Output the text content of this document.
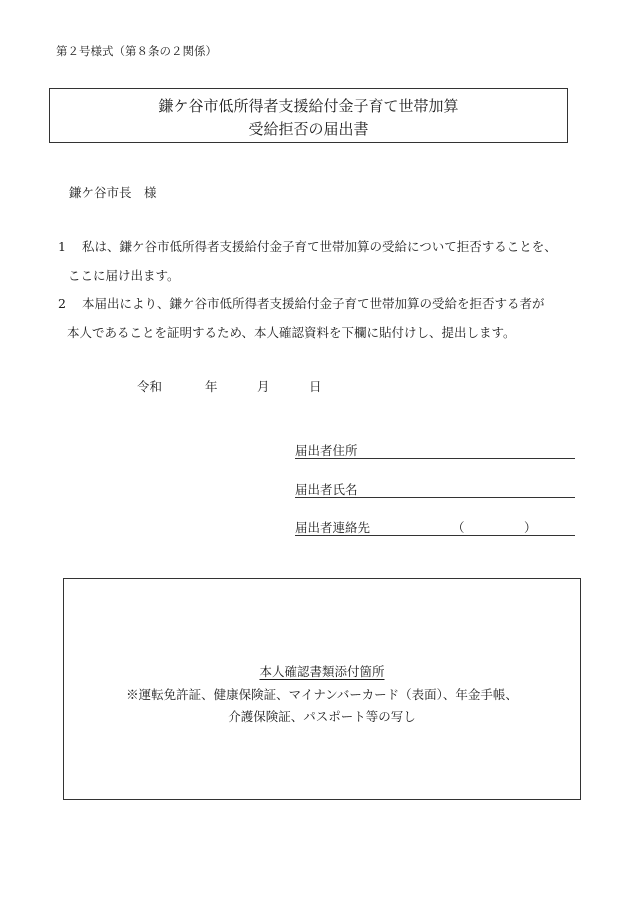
第２号様式（第８条の２関係）
鎌ケ谷市低所得者支援給付金子育て世帯加算
受給拒否の届出書
鎌ケ谷市長　様
1 私は、鎌ケ谷市低所得者支援給付金子育て世帯加算の受給について拒否することを、
ここに届け出ます。
2 本届出により、鎌ケ谷市低所得者支援給付金子育て世帯加算の受給を拒否する者が
本人であることを証明するため、本人確認資料を下欄に貼付けし、提出します。
令和	年	月	日
届出者住所
届出者氏名
届出者連絡先	（	）
本人確認書類添付箇所
※運転免許証、健康保険証、マイナンバーカード（表面）、年金手帳、
介護保険証、パスポート等の写し
